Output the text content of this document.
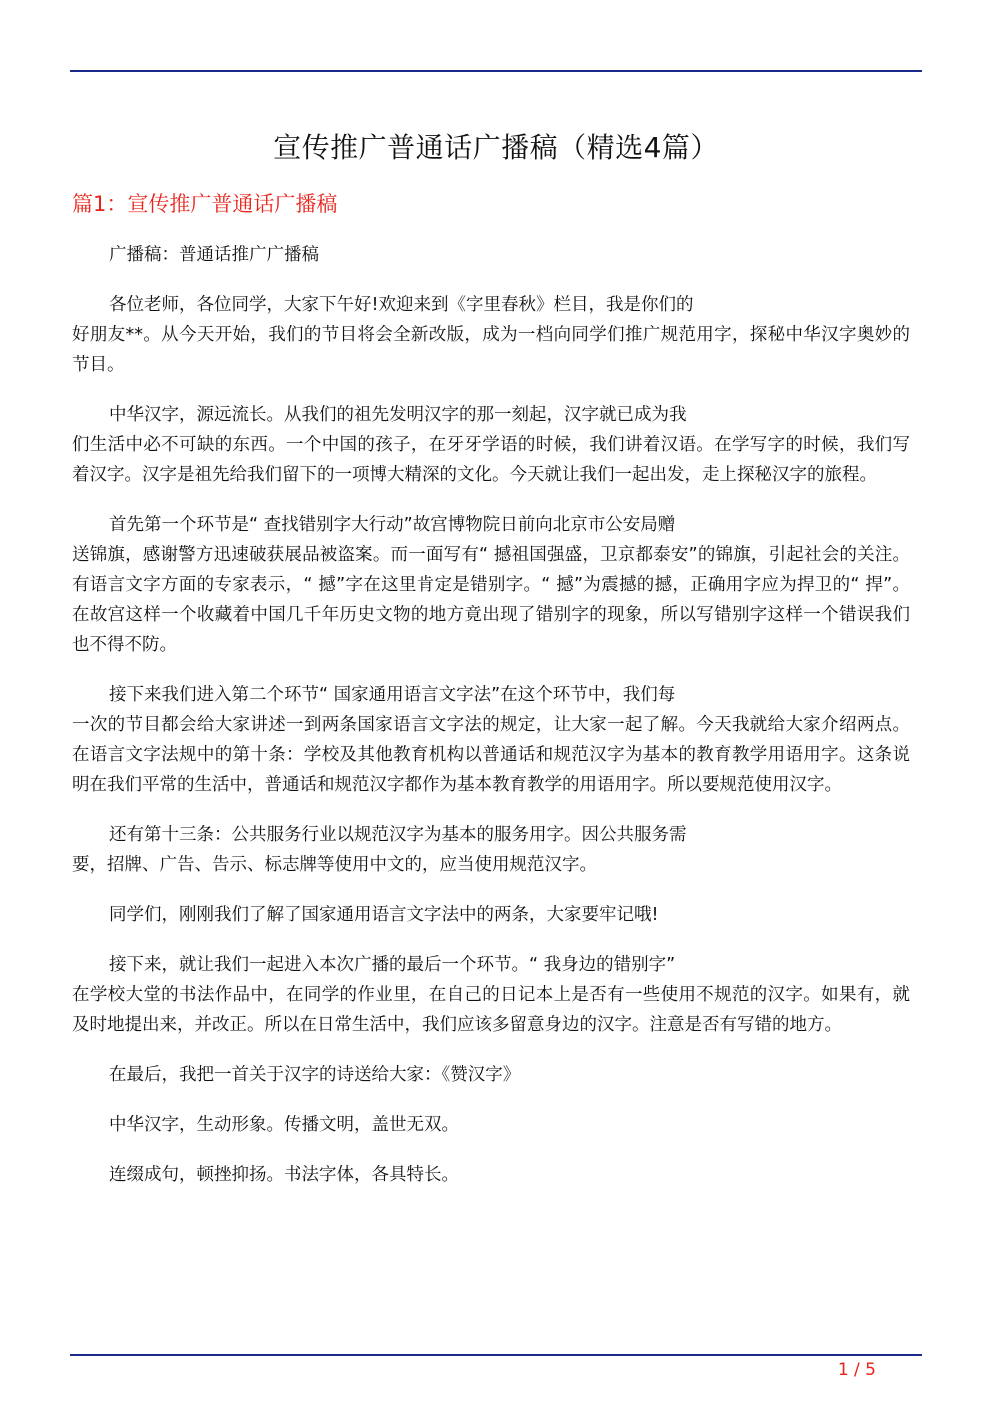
宣传推广普通话广播稿（精选4篇）
篇1：宣传推广普通话广播稿

广播稿：普通话推广广播稿

各位老师，各位同学，大家下午好!欢迎来到《字里春秋》栏目，我是你们的
好朋友**。从今天开始，我们的节目将会全新改版，成为一档向同学们推广规范用字，探秘中华汉字奥妙的节目。

中华汉字，源远流长。从我们的祖先发明汉字的那一刻起，汉字就已成为我
们生活中必不可缺的东西。一个中国的孩子，在牙牙学语的时候，我们讲着汉语。在学写字的时候，我们写着汉字。汉字是祖先给我们留下的一项博大精深的文化。今天就让我们一起出发，走上探秘汉字的旅程。

首先第一个环节是“ 查找错别字大行动”故宫博物院日前向北京市公安局赠
送锦旗，感谢警方迅速破获展品被盗案。而一面写有“ 撼祖国强盛，卫京都泰安”的锦旗，引起社会的关注。有语言文字方面的专家表示，“ 撼”字在这里肯定是错别字。“ 撼”为震撼的撼，正确用字应为捍卫的“ 捍”。在故宫这样一个收藏着中国几千年历史文物的地方竟出现了错别字的现象，所以写错别字这样一个错误我们也不得不防。

接下来我们进入第二个环节“ 国家通用语言文字法”在这个环节中，我们每
一次的节目都会给大家讲述一到两条国家语言文字法的规定，让大家一起了解。今天我就给大家介绍两点。在语言文字法规中的第十条：学校及其他教育机构以普通话和规范汉字为基本的教育教学用语用字。这条说明在我们平常的生活中，普通话和规范汉字都作为基本教育教学的用语用字。所以要规范使用汉字。

还有第十三条：公共服务行业以规范汉字为基本的服务用字。因公共服务需
要，招牌、广告、告示、标志牌等使用中文的，应当使用规范汉字。

同学们，刚刚我们了解了国家通用语言文字法中的两条，大家要牢记哦!

接下来，就让我们一起进入本次广播的最后一个环节。“ 我身边的错别字”
在学校大堂的书法作品中，在同学的作业里，在自己的日记本上是否有一些使用不规范的汉字。如果有，就及时地提出来，并改正。所以在日常生活中，我们应该多留意身边的汉字。注意是否有写错的地方。

在最后，我把一首关于汉字的诗送给大家：《赞汉字》

中华汉字，生动形象。传播文明，盖世无双。

连缀成句，顿挫抑扬。书法字体，各具特长。

1 / 5
